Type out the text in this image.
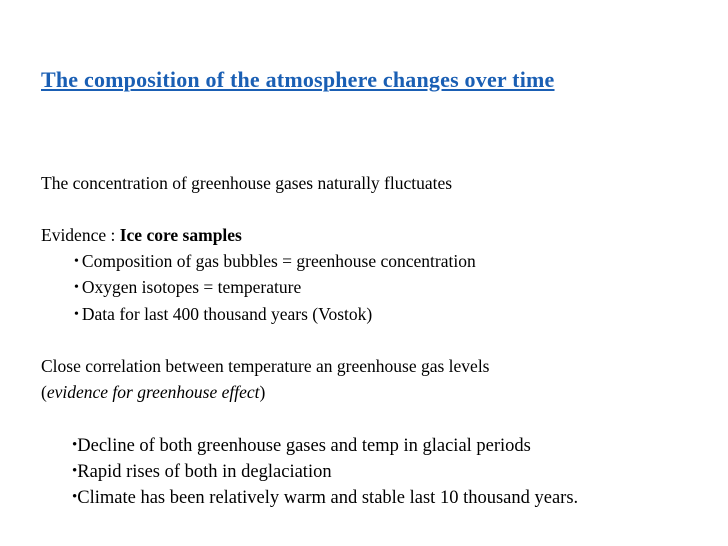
The composition of the atmosphere changes over time
The concentration of greenhouse gases naturally fluctuates
Evidence : Ice core samples
• Composition of gas bubbles = greenhouse concentration
• Oxygen isotopes = temperature
• Data for last 400 thousand years (Vostok)
Close correlation between temperature an greenhouse gas levels
(evidence for greenhouse effect)
•Decline of both greenhouse gases and temp in glacial periods
•Rapid rises of both in deglaciation
•Climate has been relatively warm and stable last 10 thousand years.
